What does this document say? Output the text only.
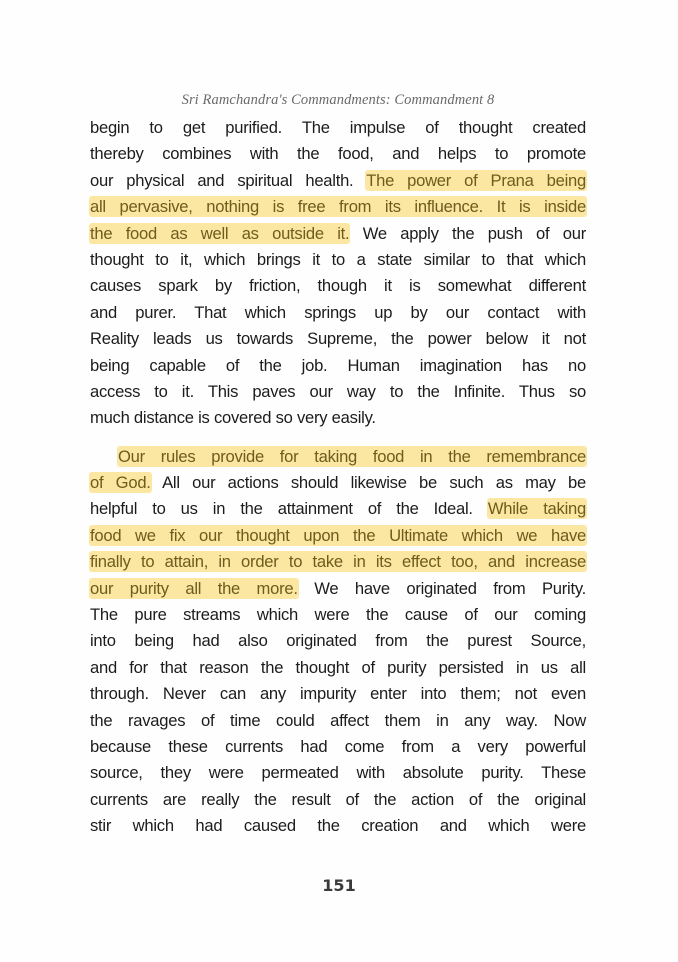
Sri Ramchandra's Commandments: Commandment 8
begin to get purified. The impulse of thought created
thereby combines with the food, and helps to promote
our physical and spiritual health. The power of Prana being
all pervasive, nothing is free from its influence. It is inside
the food as well as outside it. We apply the push of our
thought to it, which brings it to a state similar to that which
causes spark by friction, though it is somewhat different
and purer. That which springs up by our contact with
Reality leads us towards Supreme, the power below it not
being capable of the job. Human imagination has no
access to it. This paves our way to the Infinite. Thus so
much distance is covered so very easily.
Our rules provide for taking food in the remembrance
of God. All our actions should likewise be such as may be
helpful to us in the attainment of the Ideal. While taking
food we fix our thought upon the Ultimate which we have
finally to attain, in order to take in its effect too, and increase
our purity all the more. We have originated from Purity.
The pure streams which were the cause of our coming
into being had also originated from the purest Source,
and for that reason the thought of purity persisted in us all
through. Never can any impurity enter into them; not even
the ravages of time could affect them in any way. Now
because these currents had come from a very powerful
source, they were permeated with absolute purity. These
currents are really the result of the action of the original
stir which had caused the creation and which were
151
